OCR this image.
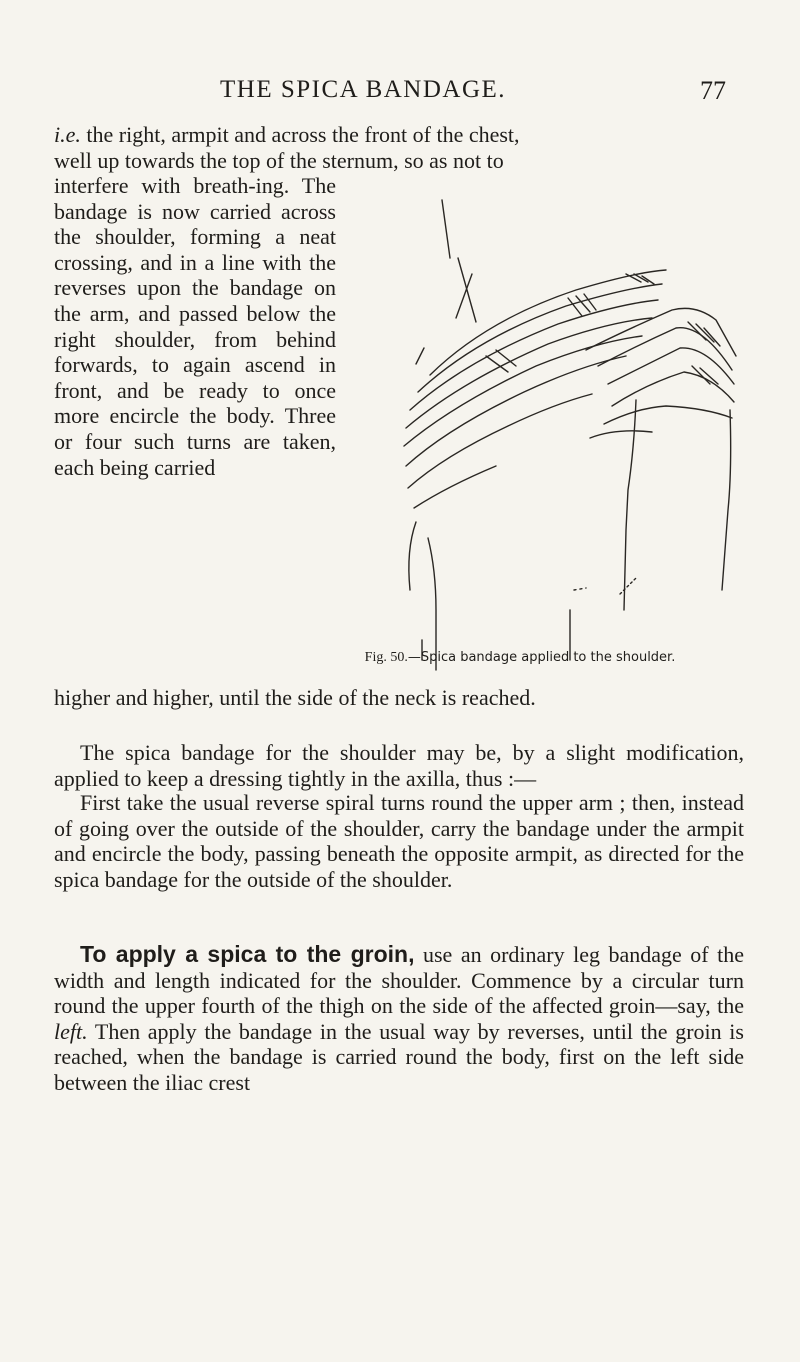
THE SPICA BANDAGE.	77
i.e. the right, armpit and across the front of the chest,
well up towards the top of the sternum, so as not to
interfere with breath-ing. The bandage is now carried across the shoulder, forming a neat crossing, and in a line with the reverses upon the bandage on the arm, and passed below the right shoulder, from behind forwards, to again ascend in front, and be ready to once more encircle the body. Three or four such turns are taken, each being carried
Fig. 50.—Spica bandage applied to the shoulder.
higher and higher, until the side of the neck is reached.
The spica bandage for the shoulder may be, by a slight modification, applied to keep a dressing tightly in the axilla, thus :—
First take the usual reverse spiral turns round the upper arm ; then, instead of going over the outside of the shoulder, carry the bandage under the armpit and encircle the body, passing beneath the opposite armpit, as directed for the spica bandage for the outside of the shoulder.
To apply a spica to the groin, use an ordinary leg bandage of the width and length indicated for the shoulder. Commence by a circular turn round the upper fourth of the thigh on the side of the affected groin—say, the left. Then apply the bandage in the usual way by reverses, until the groin is reached, when the bandage is carried round the body, first on the left side between the iliac crest
